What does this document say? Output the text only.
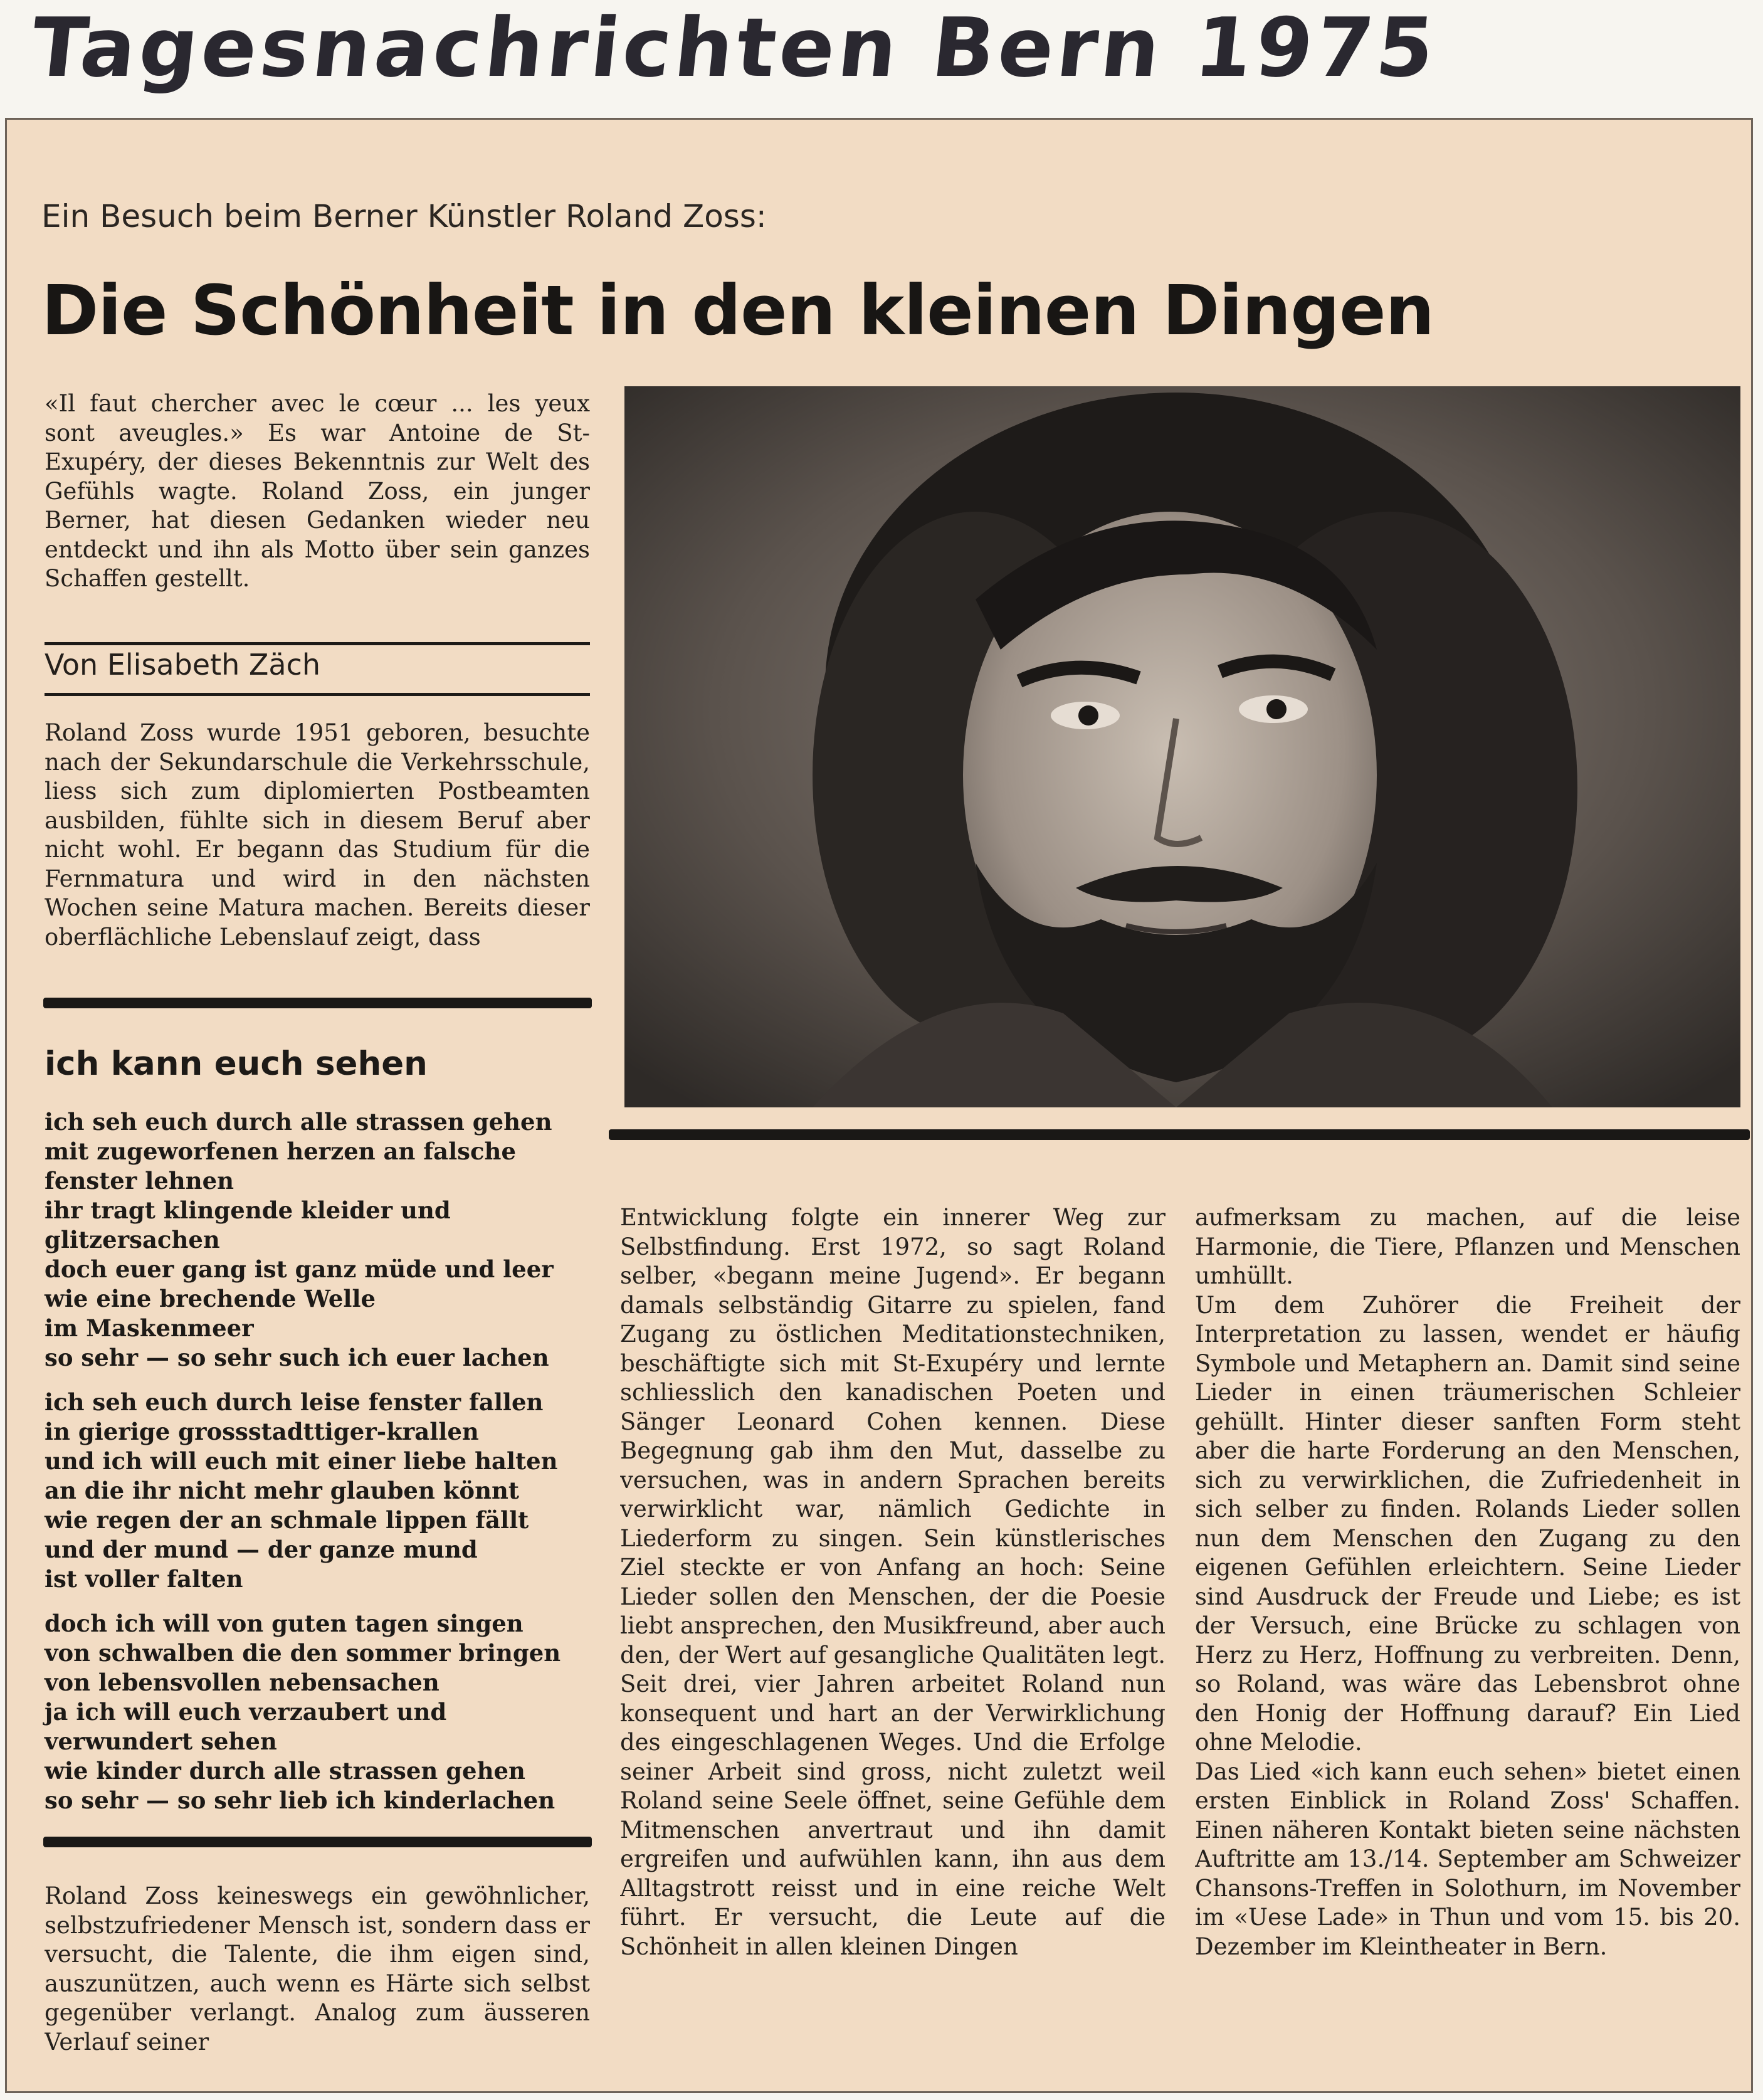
Tagesnachrichten Bern 1975
Ein Besuch beim Berner Künstler Roland Zoss:
Die Schönheit in den kleinen Dingen
«Il faut chercher avec le cœur ... les yeux sont aveugles.» Es war Antoine de St-Exupéry, der dieses Bekenntnis zur Welt des Gefühls wagte. Roland Zoss, ein junger Berner, hat diesen Gedanken wieder neu entdeckt und ihn als Motto über sein ganzes Schaffen gestellt.
Von Elisabeth Zäch
Roland Zoss wurde 1951 geboren, besuchte nach der Sekundarschule die Verkehrsschule, liess sich zum diplomierten Postbeamten ausbilden, fühlte sich in diesem Beruf aber nicht wohl. Er begann das Studium für die Fernmatura und wird in den nächsten Wochen seine Matura machen. Bereits dieser oberflächliche Lebenslauf zeigt, dass
ich kann euch sehen
ich seh euch durch alle strassen gehen
mit zugeworfenen herzen an falsche
fenster lehnen
ihr tragt klingende kleider und
glitzersachen
doch euer gang ist ganz müde und leer
wie eine brechende Welle
im Maskenmeer
so sehr — so sehr such ich euer lachen
ich seh euch durch leise fenster fallen
in gierige grossstadttiger-krallen
und ich will euch mit einer liebe halten
an die ihr nicht mehr glauben könnt
wie regen der an schmale lippen fällt
und der mund — der ganze mund
ist voller falten
doch ich will von guten tagen singen
von schwalben die den sommer bringen
von lebensvollen nebensachen
ja ich will euch verzaubert und
verwundert sehen
wie kinder durch alle strassen gehen
so sehr — so sehr lieb ich kinderlachen
Roland Zoss keineswegs ein gewöhnlicher, selbstzufriedener Mensch ist, sondern dass er versucht, die Talente, die ihm eigen sind, auszunützen, auch wenn es Härte sich selbst gegenüber verlangt. Analog zum äusseren Verlauf seiner
Entwicklung folgte ein innerer Weg zur Selbstfindung. Erst 1972, so sagt Roland selber, «begann meine Jugend». Er begann damals selbständig Gitarre zu spielen, fand Zugang zu östlichen Meditationstechniken, beschäftigte sich mit St-Exupéry und lernte schliesslich den kanadischen Poeten und Sänger Leonard Cohen kennen. Diese Begegnung gab ihm den Mut, dasselbe zu versuchen, was in andern Sprachen bereits verwirklicht war, nämlich Gedichte in Liederform zu singen. Sein künstlerisches Ziel steckte er von Anfang an hoch: Seine Lieder sollen den Menschen, der die Poesie liebt ansprechen, den Musikfreund, aber auch den, der Wert auf gesangliche Qualitäten legt. Seit drei, vier Jahren arbeitet Roland nun konsequent und hart an der Verwirklichung des eingeschlagenen Weges. Und die Erfolge seiner Arbeit sind gross, nicht zuletzt weil Roland seine Seele öffnet, seine Gefühle dem Mitmenschen anvertraut und ihn damit ergreifen und aufwühlen kann, ihn aus dem Alltagstrott reisst und in eine reiche Welt führt. Er versucht, die Leute auf die Schönheit in allen kleinen Dingen
aufmerksam zu machen, auf die leise Harmonie, die Tiere, Pflanzen und Menschen umhüllt.
Um dem Zuhörer die Freiheit der Interpretation zu lassen, wendet er häufig Symbole und Metaphern an. Damit sind seine Lieder in einen träumerischen Schleier gehüllt. Hinter dieser sanften Form steht aber die harte Forderung an den Menschen, sich zu verwirklichen, die Zufriedenheit in sich selber zu finden. Rolands Lieder sollen nun dem Menschen den Zugang zu den eigenen Gefühlen erleichtern. Seine Lieder sind Ausdruck der Freude und Liebe; es ist der Versuch, eine Brücke zu schlagen von Herz zu Herz, Hoffnung zu verbreiten. Denn, so Roland, was wäre das Lebensbrot ohne den Honig der Hoffnung darauf? Ein Lied ohne Melodie.
Das Lied «ich kann euch sehen» bietet einen ersten Einblick in Roland Zoss' Schaffen. Einen näheren Kontakt bieten seine nächsten Auftritte am 13./14. September am Schweizer Chansons-Treffen in Solothurn, im November im «Uese Lade» in Thun und vom 15. bis 20. Dezember im Kleintheater in Bern.
